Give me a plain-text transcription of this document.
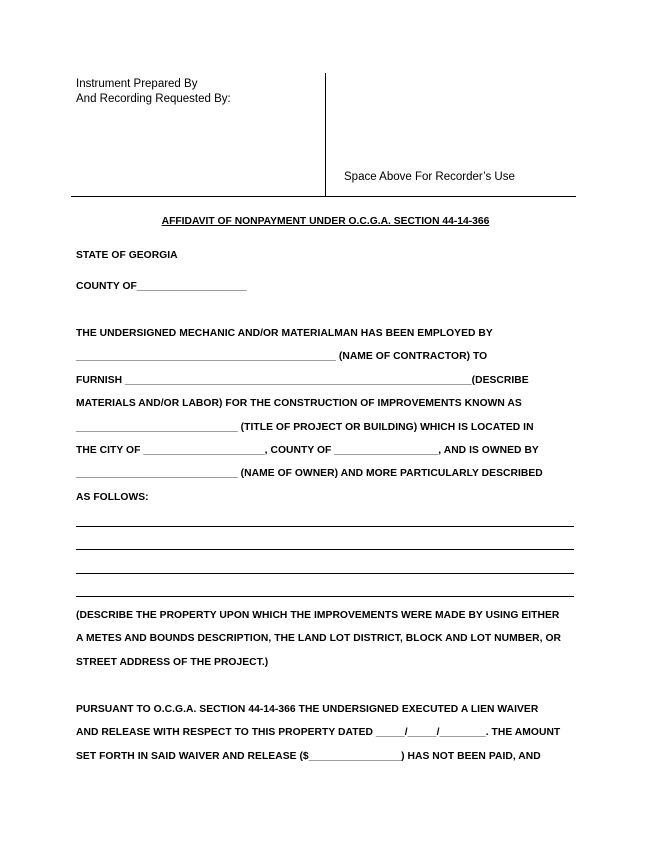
Instrument Prepared By
And Recording Requested By:
Space Above For Recorder’s Use
AFFIDAVIT OF NONPAYMENT UNDER O.C.G.A. SECTION 44-14-366
STATE OF GEORGIA
COUNTY OF___________________
THE UNDERSIGNED MECHANIC AND/OR MATERIALMAN HAS BEEN EMPLOYED BY
_____________________________________________ (NAME OF CONTRACTOR) TO
FURNISH ____________________________________________________________(DESCRIBE
MATERIALS AND/OR LABOR) FOR THE CONSTRUCTION OF IMPROVEMENTS KNOWN AS
____________________________ (TITLE OF PROJECT OR BUILDING) WHICH IS LOCATED IN
THE CITY OF _____________________, COUNTY OF __________________, AND IS OWNED BY
____________________________ (NAME OF OWNER) AND MORE PARTICULARLY DESCRIBED
AS FOLLOWS:
(DESCRIBE THE PROPERTY UPON WHICH THE IMPROVEMENTS WERE MADE BY USING EITHER
A METES AND BOUNDS DESCRIPTION, THE LAND LOT DISTRICT, BLOCK AND LOT NUMBER, OR
STREET ADDRESS OF THE PROJECT.)
PURSUANT TO O.C.G.A. SECTION 44-14-366 THE UNDERSIGNED EXECUTED A LIEN WAIVER
AND RELEASE WITH RESPECT TO THIS PROPERTY DATED _____/_____/________. THE AMOUNT
SET FORTH IN SAID WAIVER AND RELEASE ($________________) HAS NOT BEEN PAID, AND
